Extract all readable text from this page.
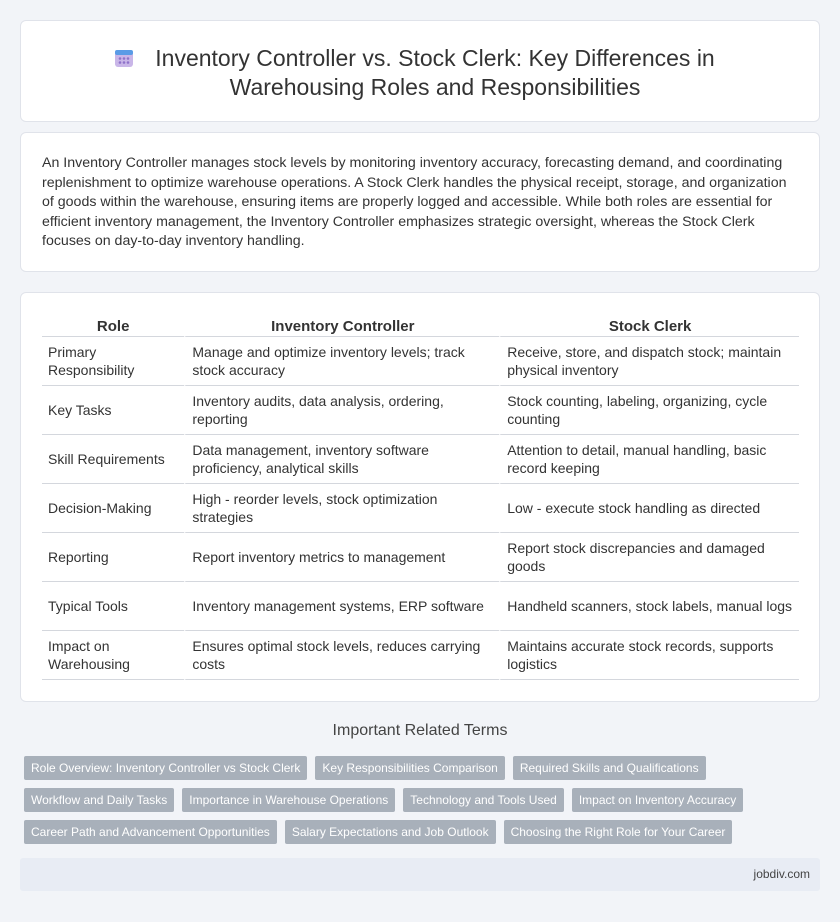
Inventory Controller vs. Stock Clerk: Key Differences in Warehousing Roles and Responsibilities

An Inventory Controller manages stock levels by monitoring inventory accuracy, forecasting demand, and coordinating replenishment to optimize warehouse operations. A Stock Clerk handles the physical receipt, storage, and organization of goods within the warehouse, ensuring items are properly logged and accessible. While both roles are essential for efficient inventory management, the Inventory Controller emphasizes strategic oversight, whereas the Stock Clerk focuses on day-to-day inventory handling.

Role	Inventory Controller	Stock Clerk
Primary Responsibility	Manage and optimize inventory levels; track stock accuracy	Receive, store, and dispatch stock; maintain physical inventory
Key Tasks	Inventory audits, data analysis, ordering, reporting	Stock counting, labeling, organizing, cycle counting
Skill Requirements	Data management, inventory software proficiency, analytical skills	Attention to detail, manual handling, basic record keeping
Decision-Making	High - reorder levels, stock optimization strategies	Low - execute stock handling as directed
Reporting	Report inventory metrics to management	Report stock discrepancies and damaged goods
Typical Tools	Inventory management systems, ERP software	Handheld scanners, stock labels, manual logs
Impact on Warehousing	Ensures optimal stock levels, reduces carrying costs	Maintains accurate stock records, supports logistics
Important Related Terms
Role Overview: Inventory Controller vs Stock Clerk	Key Responsibilities Comparison	Required Skills and Qualifications
Workflow and Daily Tasks	Importance in Warehouse Operations	Technology and Tools Used	Impact on Inventory Accuracy
Career Path and Advancement Opportunities	Salary Expectations and Job Outlook	Choosing the Right Role for Your Career
jobdiv.com
